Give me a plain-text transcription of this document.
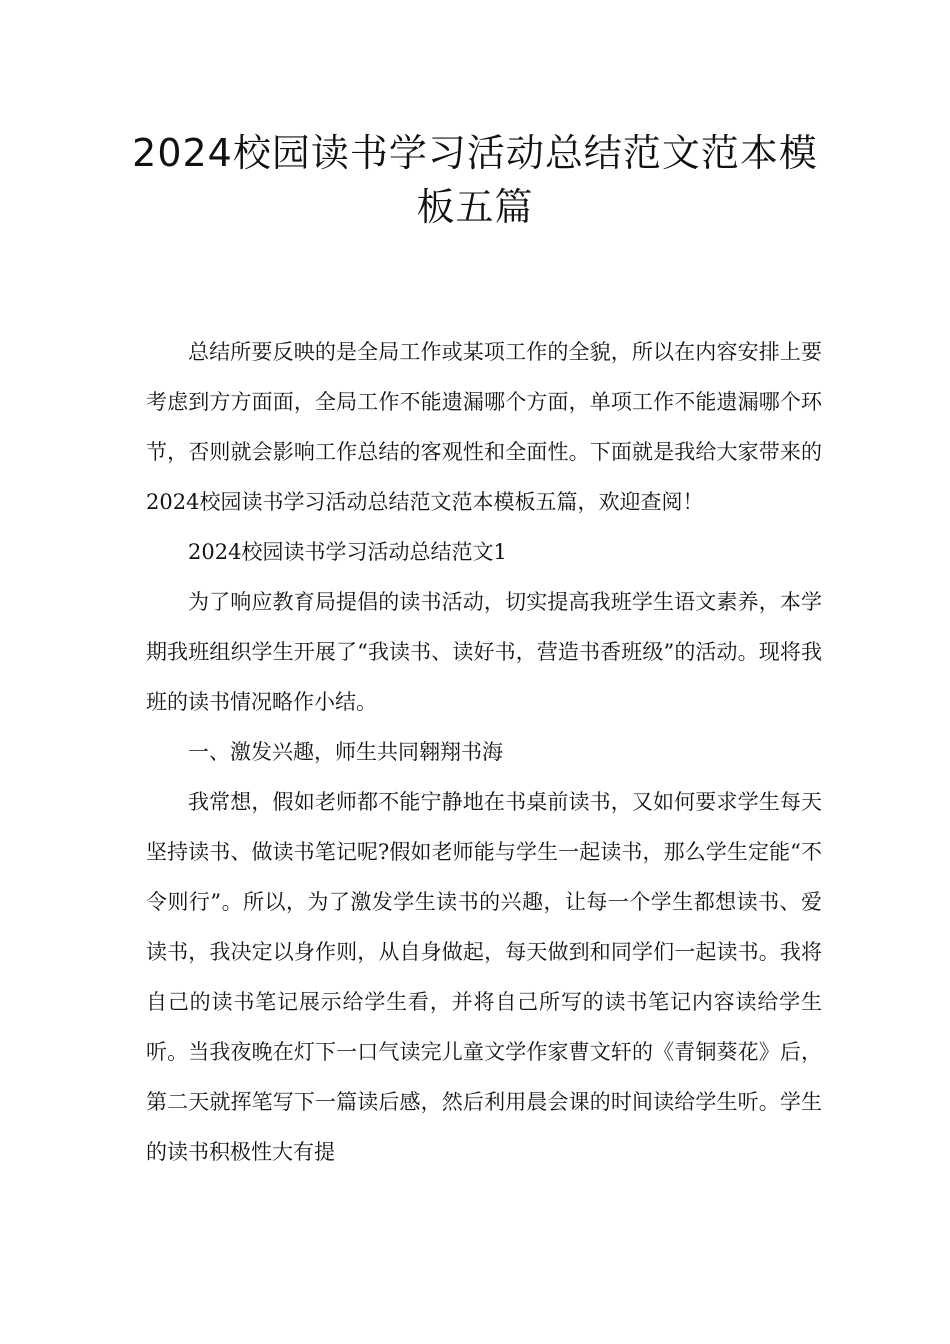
2024校园读书学习活动总结范文范本模
板五篇

总结所要反映的是全局工作或某项工作的全貌，所以在内容安排上要考虑到方方面面，全局工作不能遗漏哪个方面，单项工作不能遗漏哪个环节，否则就会影响工作总结的客观性和全面性。下面就是我给大家带来的2024校园读书学习活动总结范文范本模板五篇，欢迎查阅！

2024校园读书学习活动总结范文1

为了响应教育局提倡的读书活动，切实提高我班学生语文素养，本学期我班组织学生开展了“我读书、读好书，营造书香班级”的活动。现将我班的读书情况略作小结。

一、激发兴趣，师生共同翱翔书海

我常想，假如老师都不能宁静地在书桌前读书，又如何要求学生每天坚持读书、做读书笔记呢?假如老师能与学生一起读书，那么学生定能“不令则行”。所以，为了激发学生读书的兴趣，让每一个学生都想读书、爱读书，我决定以身作则，从自身做起，每天做到和同学们一起读书。我将自己的读书笔记展示给学生看，并将自己所写的读书笔记内容读给学生听。当我夜晚在灯下一口气读完儿童文学作家曹文轩的《青铜葵花》后，第二天就挥笔写下一篇读后感，然后利用晨会课的时间读给学生听。学生的读书积极性大有提
